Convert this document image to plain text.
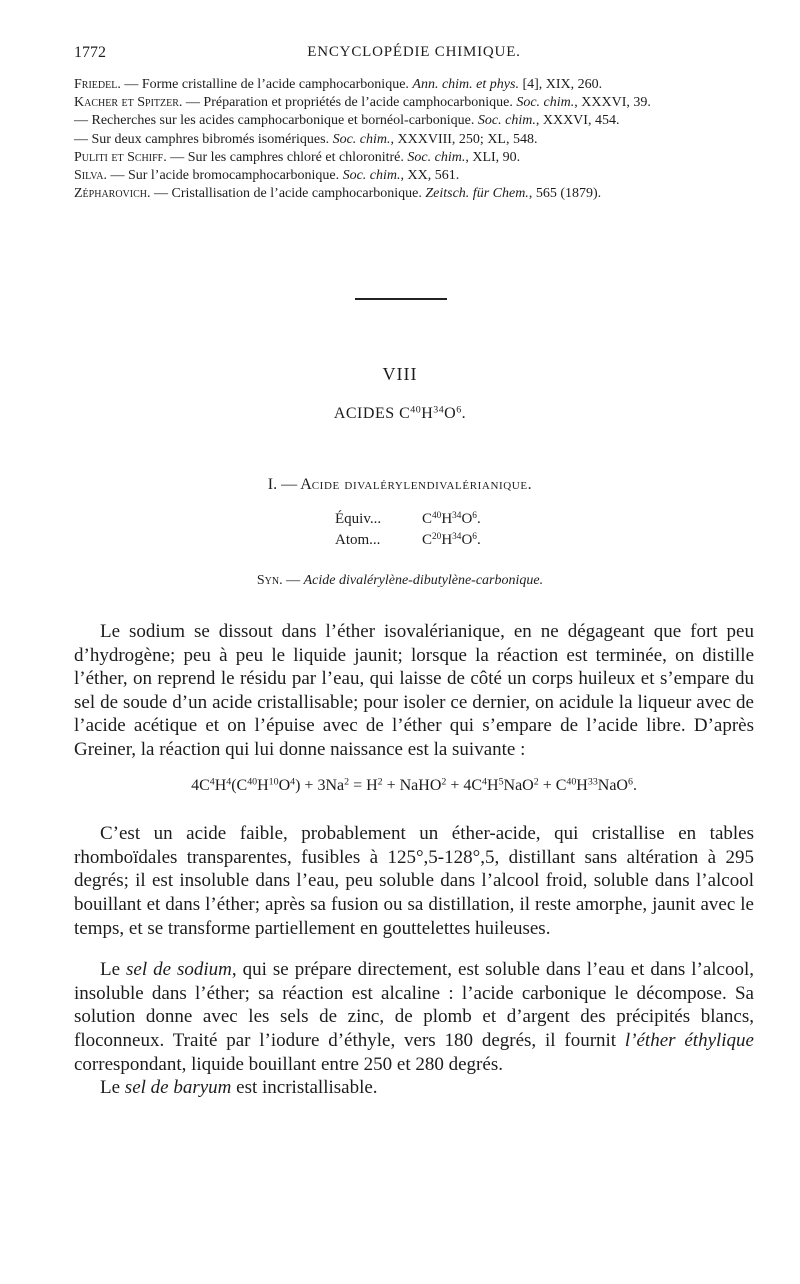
1772	ENCYCLOPÉDIE CHIMIQUE.
Friedel. — Forme cristalline de l’acide camphocarbonique. Ann. chim. et phys. [4], XIX, 260.
Kacher et Spitzer. — Préparation et propriétés de l’acide camphocarbonique. Soc. chim., XXXVI, 39.
— Recherches sur les acides camphocarbonique et bornéol-carbonique. Soc. chim., XXXVI, 454.
— Sur deux camphres bibromés isomériques. Soc. chim., XXXVIII, 250; XL, 548.
Puliti et Schiff. — Sur les camphres chloré et chloronitré. Soc. chim., XLI, 90.
Silva. — Sur l’acide bromocamphocarbonique. Soc. chim., XX, 561.
Zépharovich. — Cristallisation de l’acide camphocarbonique. Zeitsch. für Chem., 565 (1879).
VIII
ACIDES $C^{40}H^{34}O^6$.
I. — Acide divalérylendivalérianique.
Équiv...	$C^{40}H^{34}O^6$.
Atom...	$C^{20}H^{34}O^6$.
Syn. — Acide divalérylène-dibutylène-carbonique.

Le sodium se dissout dans l’éther isovalérianique, en ne dégageant que fort peu d’hydrogène; peu à peu le liquide jaunit; lorsque la réaction est terminée, on distille l’éther, on reprend le résidu par l’eau, qui laisse de côté un corps huileux et s’empare du sel de soude d’un acide cristallisable; pour isoler ce dernier, on acidule la liqueur avec de l’acide acétique et on l’épuise avec de l’éther qui s’empare de l’acide libre. D’après Greiner, la réaction qui lui donne naissance est la suivante :

$4C^4H^4(C^{40}H^{10}O^4) + 3Na^2 = H^2$ + NaHO$^2$ + $4C^4H^5NaO^2 + C^{40}H^{33}NaO^6$.

C’est un acide faible, probablement un éther-acide, qui cristallise en tables rhomboïdales transparentes, fusibles à 125°,5-128°,5, distillant sans altération à 295 degrés; il est insoluble dans l’eau, peu soluble dans l’alcool froid, soluble dans l’alcool bouillant et dans l’éther; après sa fusion ou sa distillation, il reste amorphe, jaunit avec le temps, et se transforme partiellement en gouttelettes huileuses.

Le sel de sodium, qui se prépare directement, est soluble dans l’eau et dans l’alcool, insoluble dans l’éther; sa réaction est alcaline : l’acide carbonique le décompose. Sa solution donne avec les sels de zinc, de plomb et d’argent des précipités blancs, floconneux. Traité par l’iodure d’éthyle, vers 180 degrés, il fournit l’éther éthylique correspondant, liquide bouillant entre 250 et 280 degrés.

Le sel de baryum est incristallisable.
